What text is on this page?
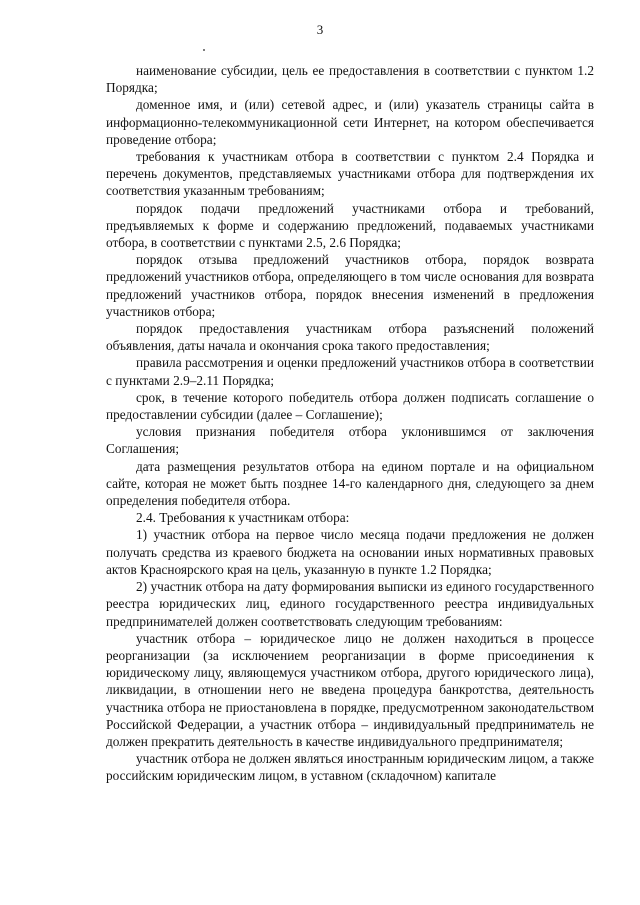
3

наименование субсидии, цель ее предоставления в соответствии с пунктом 1.2 Порядка;

доменное имя, и (или) сетевой адрес, и (или) указатель страницы сайта в информационно-телекоммуникационной сети Интернет, на котором обеспечивается проведение отбора;

требования к участникам отбора в соответствии с пунктом 2.4 Порядка и перечень документов, представляемых участниками отбора для подтверждения их соответствия указанным требованиям;

порядок подачи предложений участниками отбора и требований, предъявляемых к форме и содержанию предложений, подаваемых участниками отбора, в соответствии с пунктами 2.5, 2.6 Порядка;

порядок отзыва предложений участников отбора, порядок возврата предложений участников отбора, определяющего в том числе основания для возврата предложений участников отбора, порядок внесения изменений в предложения участников отбора;

порядок предоставления участникам отбора разъяснений положений объявления, даты начала и окончания срока такого предоставления;

правила рассмотрения и оценки предложений участников отбора в соответствии с пунктами 2.9–2.11 Порядка;

срок, в течение которого победитель отбора должен подписать соглашение о предоставлении субсидии (далее – Соглашение);

условия признания победителя отбора уклонившимся от заключения Соглашения;

дата размещения результатов отбора на едином портале и на официальном сайте, которая не может быть позднее 14-го календарного дня, следующего за днем определения победителя отбора.

2.4. Требования к участникам отбора:

1) участник отбора на первое число месяца подачи предложения не должен получать средства из краевого бюджета на основании иных нормативных правовых актов Красноярского края на цель, указанную в пункте 1.2 Порядка;

2) участник отбора на дату формирования выписки из единого государственного реестра юридических лиц, единого государственного реестра индивидуальных предпринимателей должен соответствовать следующим требованиям:

участник отбора – юридическое лицо не должен находиться в процессе реорганизации (за исключением реорганизации в форме присоединения к юридическому лицу, являющемуся участником отбора, другого юридического лица), ликвидации, в отношении него не введена процедура банкротства, деятельность участника отбора не приостановлена в порядке, предусмотренном законодательством Российской Федерации, а участник отбора – индивидуальный предприниматель не должен прекратить деятельность в качестве индивидуального предпринимателя;

участник отбора не должен являться иностранным юридическим лицом, а также российским юридическим лицом, в уставном (складочном) капитале
